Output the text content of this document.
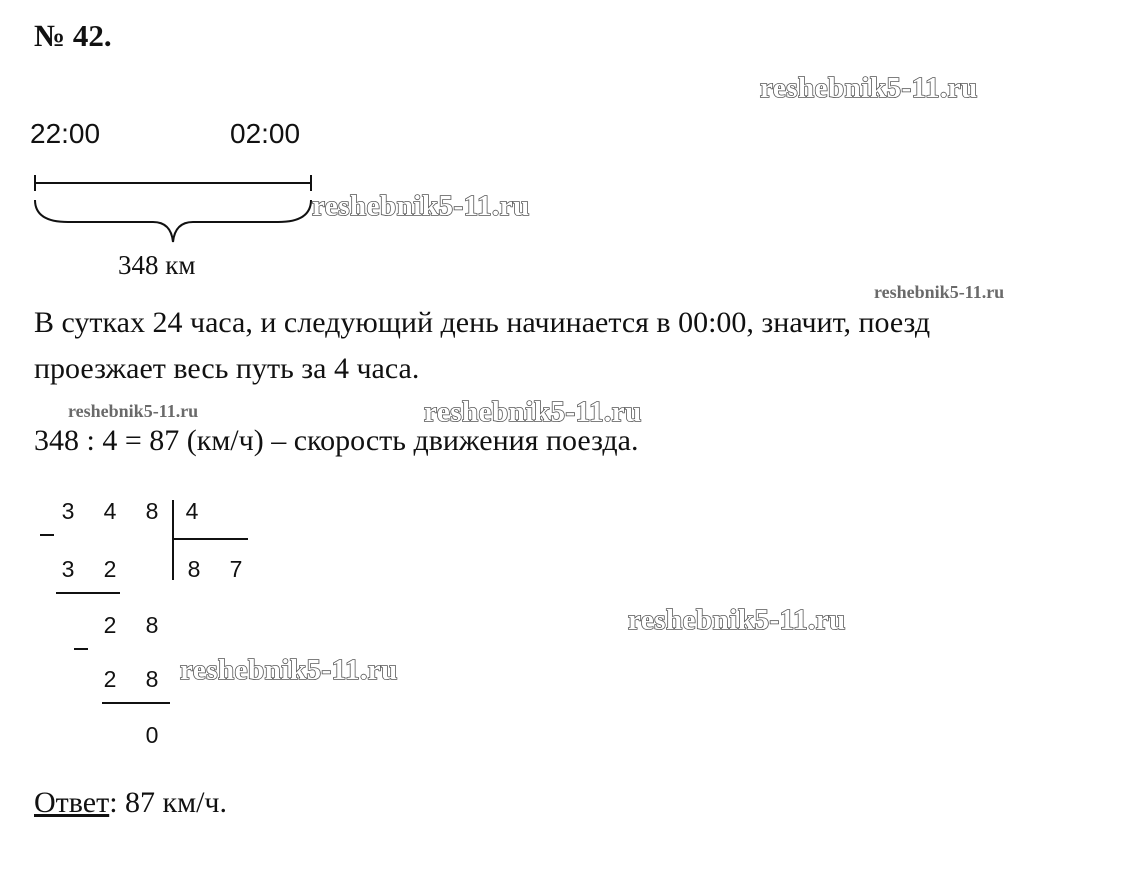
№ 42.
reshebnik5-11.ru
reshebnik5-11.ru
reshebnik5-11.ru
reshebnik5-11.ru	reshebnik5-11.ru
reshebnik5-11.ru
reshebnik5-11.ru
22:00	02:00
348 км
В сутках 24 часа, и следующий день начинается в 00:00, значит, поезд
проезжает весь путь за 4 часа.
348 : 4 = 87 (км/ч) – скорость движения поезда.
3 4 8 4
8 7
3 2
2 8
2 8
0
Ответ: 87 км/ч.
